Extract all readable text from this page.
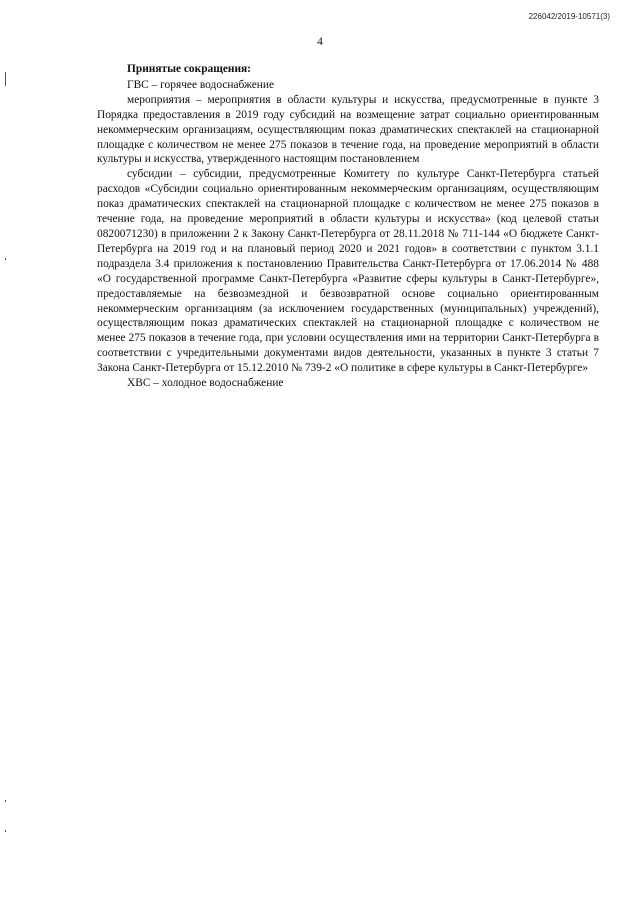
226042/2019-10571(3)
4

Принятые сокращения:

ГВС – горячее водоснабжение

мероприятия – мероприятия в области культуры и искусства, предусмотренные в пункте 3 Порядка предоставления в 2019 году субсидий на возмещение затрат социально ориентированным некоммерческим организациям, осуществляющим показ драматических спектаклей на стационарной площадке с количеством не менее 275 показов в течение года, на проведение мероприятий в области культуры и искусства, утвержденного настоящим постановлением

субсидии – субсидии, предусмотренные Комитету по культуре Санкт-Петербурга статьей расходов «Субсидии социально ориентированным некоммерческим организациям, осуществляющим показ драматических спектаклей на стационарной площадке с количеством не менее 275 показов в течение года, на проведение мероприятий в области культуры и искусства» (код целевой статьи 0820071230) в приложении 2 к Закону Санкт-Петербурга от 28.11.2018 № 711-144 «О бюджете Санкт-Петербурга на 2019 год и на плановый период 2020 и 2021 годов» в соответствии с пунктом 3.1.1 подраздела 3.4 приложения к постановлению Правительства Санкт-Петербурга от 17.06.2014 № 488 «О государственной программе Санкт-Петербурга «Развитие сферы культуры в Санкт-Петербурге», предоставляемые на безвозмездной и безвозвратной основе социально ориентированным некоммерческим организациям (за исключением государственных (муниципальных) учреждений), осуществляющим показ драматических спектаклей на стационарной площадке с количеством не менее 275 показов в течение года, при условии осуществления ими на территории Санкт-Петербурга в соответствии с учредительными документами видов деятельности, указанных в пункте 3 статьи 7 Закона Санкт-Петербурга от 15.12.2010 № 739-2 «О политике в сфере культуры в Санкт-Петербурге»

ХВС – холодное водоснабжение
